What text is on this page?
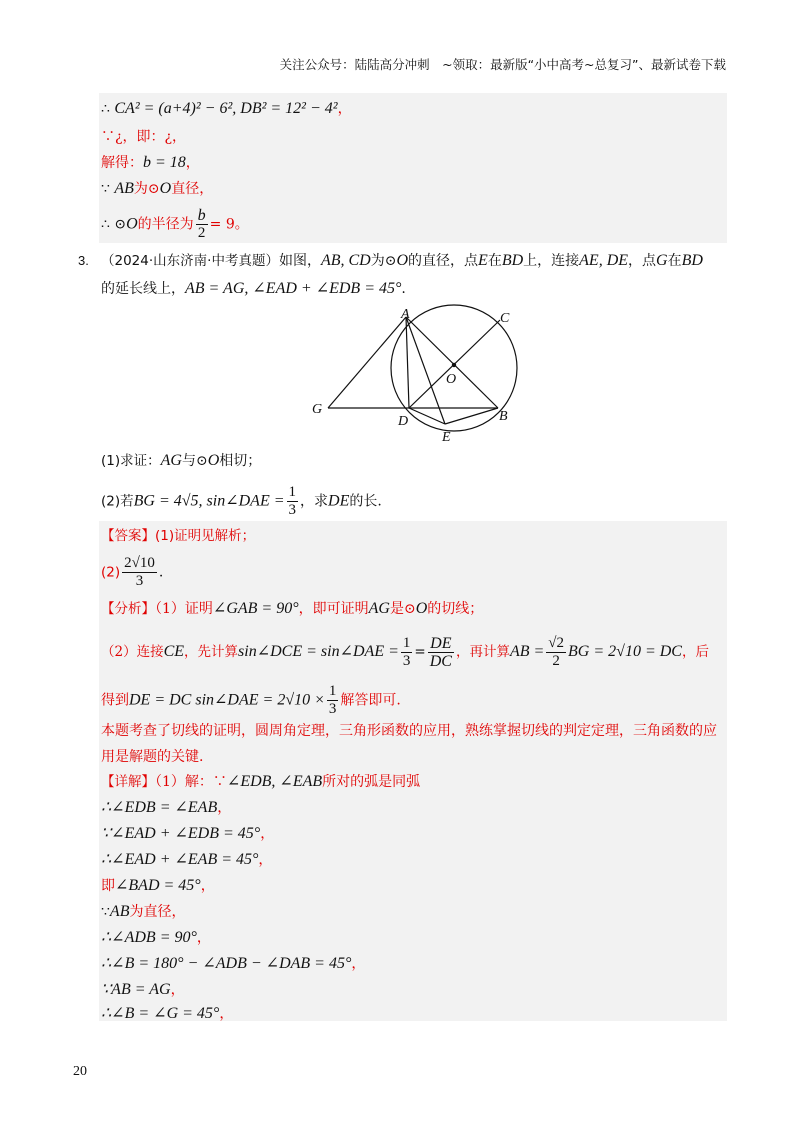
关注公众号：陆陆高分冲刺　~领取：最新版“小中高考~总复习”、最新试卷下载
∴ CA² = (a+4)² − 6², DB² = 12² − 4²，
∵¿，即：¿，
解得：b = 18，
∵ AB为⊙O直径，
∴ ⊙O的半径为 $\frac{b}{2} = 9$。
3. （2024·山东济南·中考真题）如图，AB, CD为⊙O的直径，点E在BD上，连接AE, DE，点G在BD
的延长线上，AB = AG, ∠EAD + ∠EDB = 45°.
A	C
O
G
D	B
E
(1)求证：AG与⊙O相切；
(2)若BG = 4√5, sin∠DAE = $\frac{1}{3}$ ，求DE的长.
【答案】(1)证明见解析；
$(2) \frac{2√10}{3}$ .
【分析】（1）证明∠GAB = 90°，即可证明AG是⊙O的切线；
（2）连接CE，先计算sin∠DCE = sin∠DAE = $\frac{1}{3} = \frac{DE}{DC}$ ，再计算AB = $\frac{√2}{2}$ BG = 2√10 = DC，后
得到DE = DC sin∠DAE = $2√10 \times \frac{1}{3}$ 解答即可.
本题考查了切线的证明，圆周角定理，三角形函数的应用，熟练掌握切线的判定定理，三角函数的应
用是解题的关键.
【详解】（1）解：∵∠EDB, ∠EAB所对的弧是同弧
∴∠EDB = ∠EAB，
∵∠EAD + ∠EDB = 45°，
∴∠EAD + ∠EAB = 45°，
即∠BAD = 45°，
∵AB为直径，
∴∠ADB = 90°，
∴∠B = 180° − ∠ADB − ∠DAB = 45°，
∵AB = AG，
∴∠B = ∠G = 45°，
20
